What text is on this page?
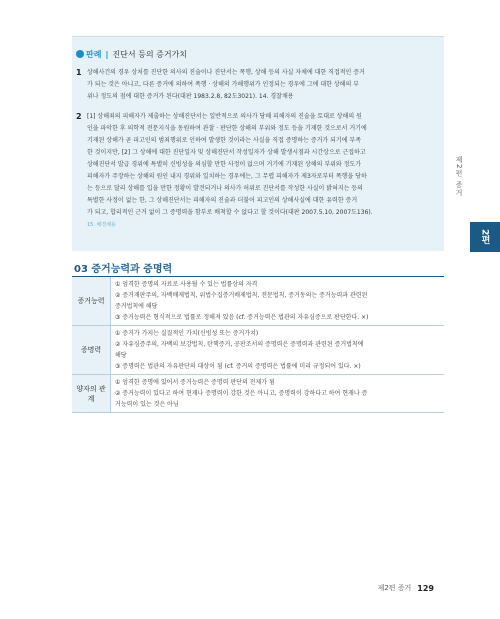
판례 | 진단서 등의 증거가치
1 상해사건의 경우 상처를 진단한 의사의 진술이나 진단서는 폭행, 상해 등의 사실 자체에 대한 직접적인 증거
가 되는 것은 아니고, 다른 증거에 의하여 폭행 · 상해의 가해행위가 인정되는 경우에 그에 대한 상해의 부
위나 정도의 점에 대한 증거가 된다(대판 1983.2.8, 82도3021). 14. 경찰채용
2 [1] 상해죄의 피해자가 제출하는 상해진단서는 일반적으로 의사가 당해 피해자의 진술을 토대로 상해의 원
인을 파악한 후 의학적 전문지식을 동원하여 관찰 · 판단한 상해의 부위와 정도 등을 기재한 것으로서 거기에
기재된 상해가 곧 피고인의 범죄행위로 인하여 발생한 것이라는 사실을 직접 증명하는 증거가 되기에 부족
한 것이지만, [2] 그 상해에 대한 진단일자 및 상해진단서 작성일자가 상해 발생시점과 시간상으로 근접하고
상해진단서 발급 경위에 특별히 신빙성을 의심할 만한 사정이 없으며 거기에 기재된 상해의 부위와 정도가
피해자가 주장하는 상해의 원인 내지 경위와 일치하는 경우에는, 그 무렵 피해자가 제3자로부터 폭행을 당하
는 등으로 달리 상해를 입을 만한 정황이 발견되거나 의사가 허위로 진단서를 작성한 사실이 밝혀지는 등의
특별한 사정이 없는 한, 그 상해진단서는 피해자의 진술과 더불어 피고인의 상해사실에 대한 유력한 증거
가 되고, 합리적인 근거 없이 그 증명력을 함부로 배척할 수 없다고 할 것이다(대판 2007.5.10, 2007도136).
15. 해경채용
제2편 증거
2편
03 증거능력과 증명력
증거능력	① 엄격한 증명의 자료로 사용될 수 있는 법률상의 자격
② 증거재판주의, 자백배제법칙, 위법수집증거배제법칙, 전문법칙, 증거동의는 증거능력과 관련된
증거법칙에 해당
③ 증거능력은 형식적으로 법률로 정해져 있음 (cf. 증거능력은 법관의 자유심증으로 판단한다. ×)

증명력	① 증거가 가지는 실질적인 가치(신빙성 또는 증거가치)
② 자유심증주의, 자백의 보강법칙, 탄핵증거, 공판조서의 증명력은 증명력과 관련된 증거법칙에
해당
③ 증명력은 법관의 자유판단의 대상이 됨 (cf. 증거의 증명력은 법률에 미리 규정되어 있다. ×)

양자의 관계	① 엄격한 증명에 있어서 증거능력은 증명력 판단의 전제가 됨
② 증거능력이 있다고 하여 현재나 증명력이 강한 것은 아니고, 증명력이 강하다고 하여 현재나 증
거능력이 있는 것은 아님
제2편 증거 129
